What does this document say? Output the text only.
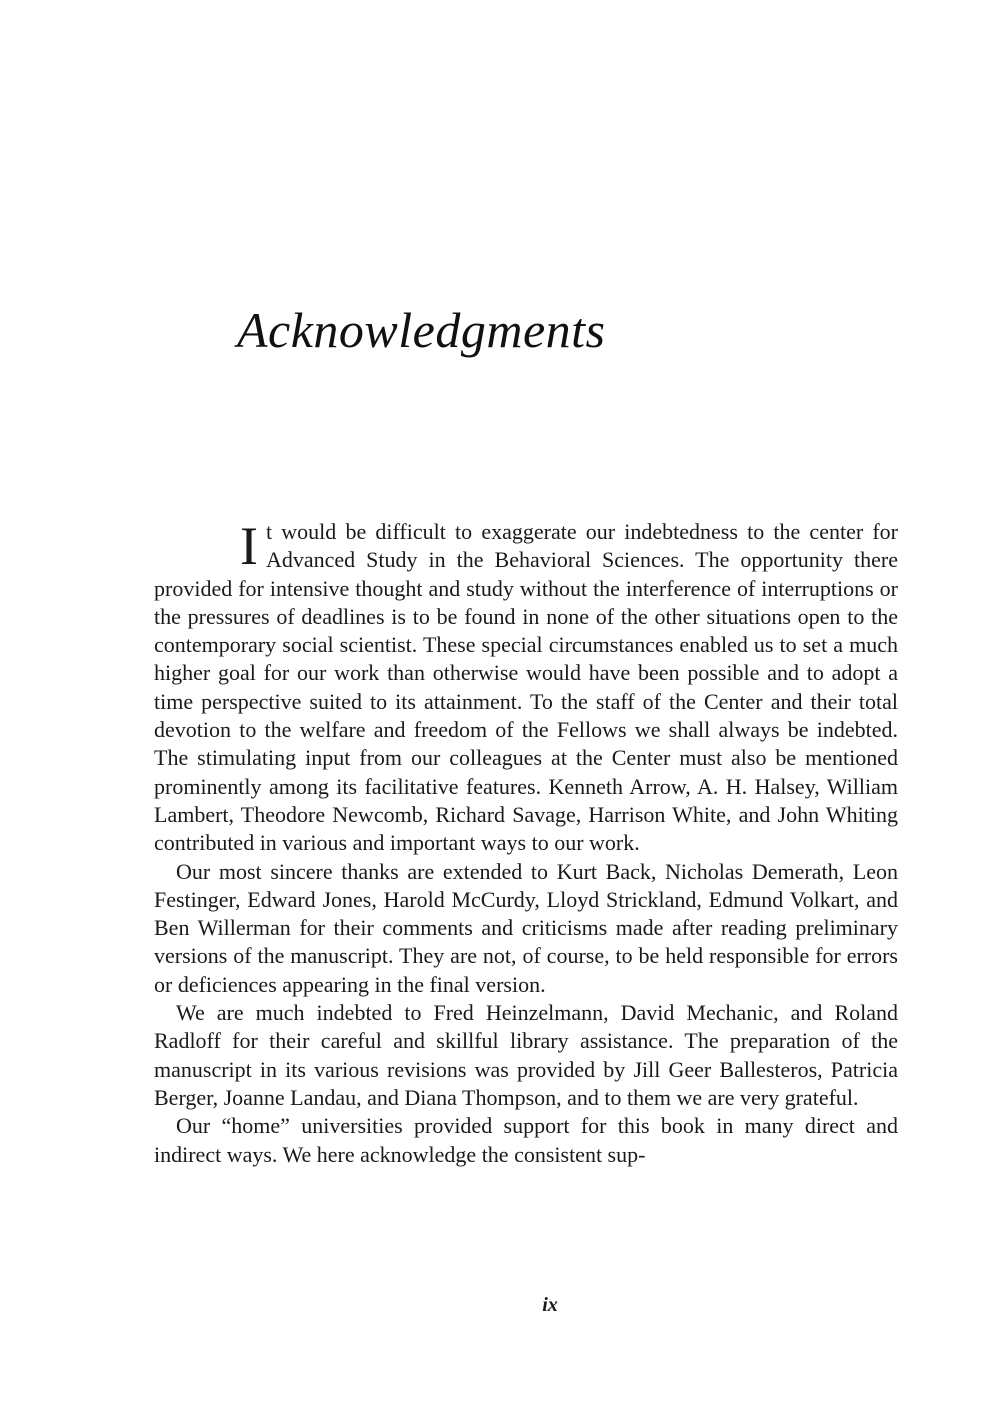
Acknowledgments

It would be difficult to exaggerate our indebtedness to the center for Advanced Study in the Behavioral Sciences. The opportunity there provided for intensive thought and study without the interference of interruptions or the pressures of deadlines is to be found in none of the other situations open to the contemporary social scientist. These special circumstances enabled us to set a much higher goal for our work than otherwise would have been possible and to adopt a time perspective suited to its attainment. To the staff of the Center and their total devotion to the welfare and freedom of the Fellows we shall always be indebted. The stimulating input from our colleagues at the Center must also be mentioned prominently among its facilitative features. Kenneth Arrow, A. H. Halsey, William Lambert, Theodore Newcomb, Richard Savage, Harrison White, and John Whiting contributed in various and important ways to our work.

Our most sincere thanks are extended to Kurt Back, Nicholas Demerath, Leon Festinger, Edward Jones, Harold McCurdy, Lloyd Strickland, Edmund Volkart, and Ben Willerman for their comments and criticisms made after reading preliminary versions of the manuscript. They are not, of course, to be held responsible for errors or deficiences appearing in the final version.

We are much indebted to Fred Heinzelmann, David Mechanic, and Roland Radloff for their careful and skillful library assistance. The preparation of the manuscript in its various revisions was provided by Jill Geer Ballesteros, Patricia Berger, Joanne Landau, and Diana Thompson, and to them we are very grateful.

Our “home” universities provided support for this book in many direct and indirect ways. We here acknowledge the consistent sup-

ix
